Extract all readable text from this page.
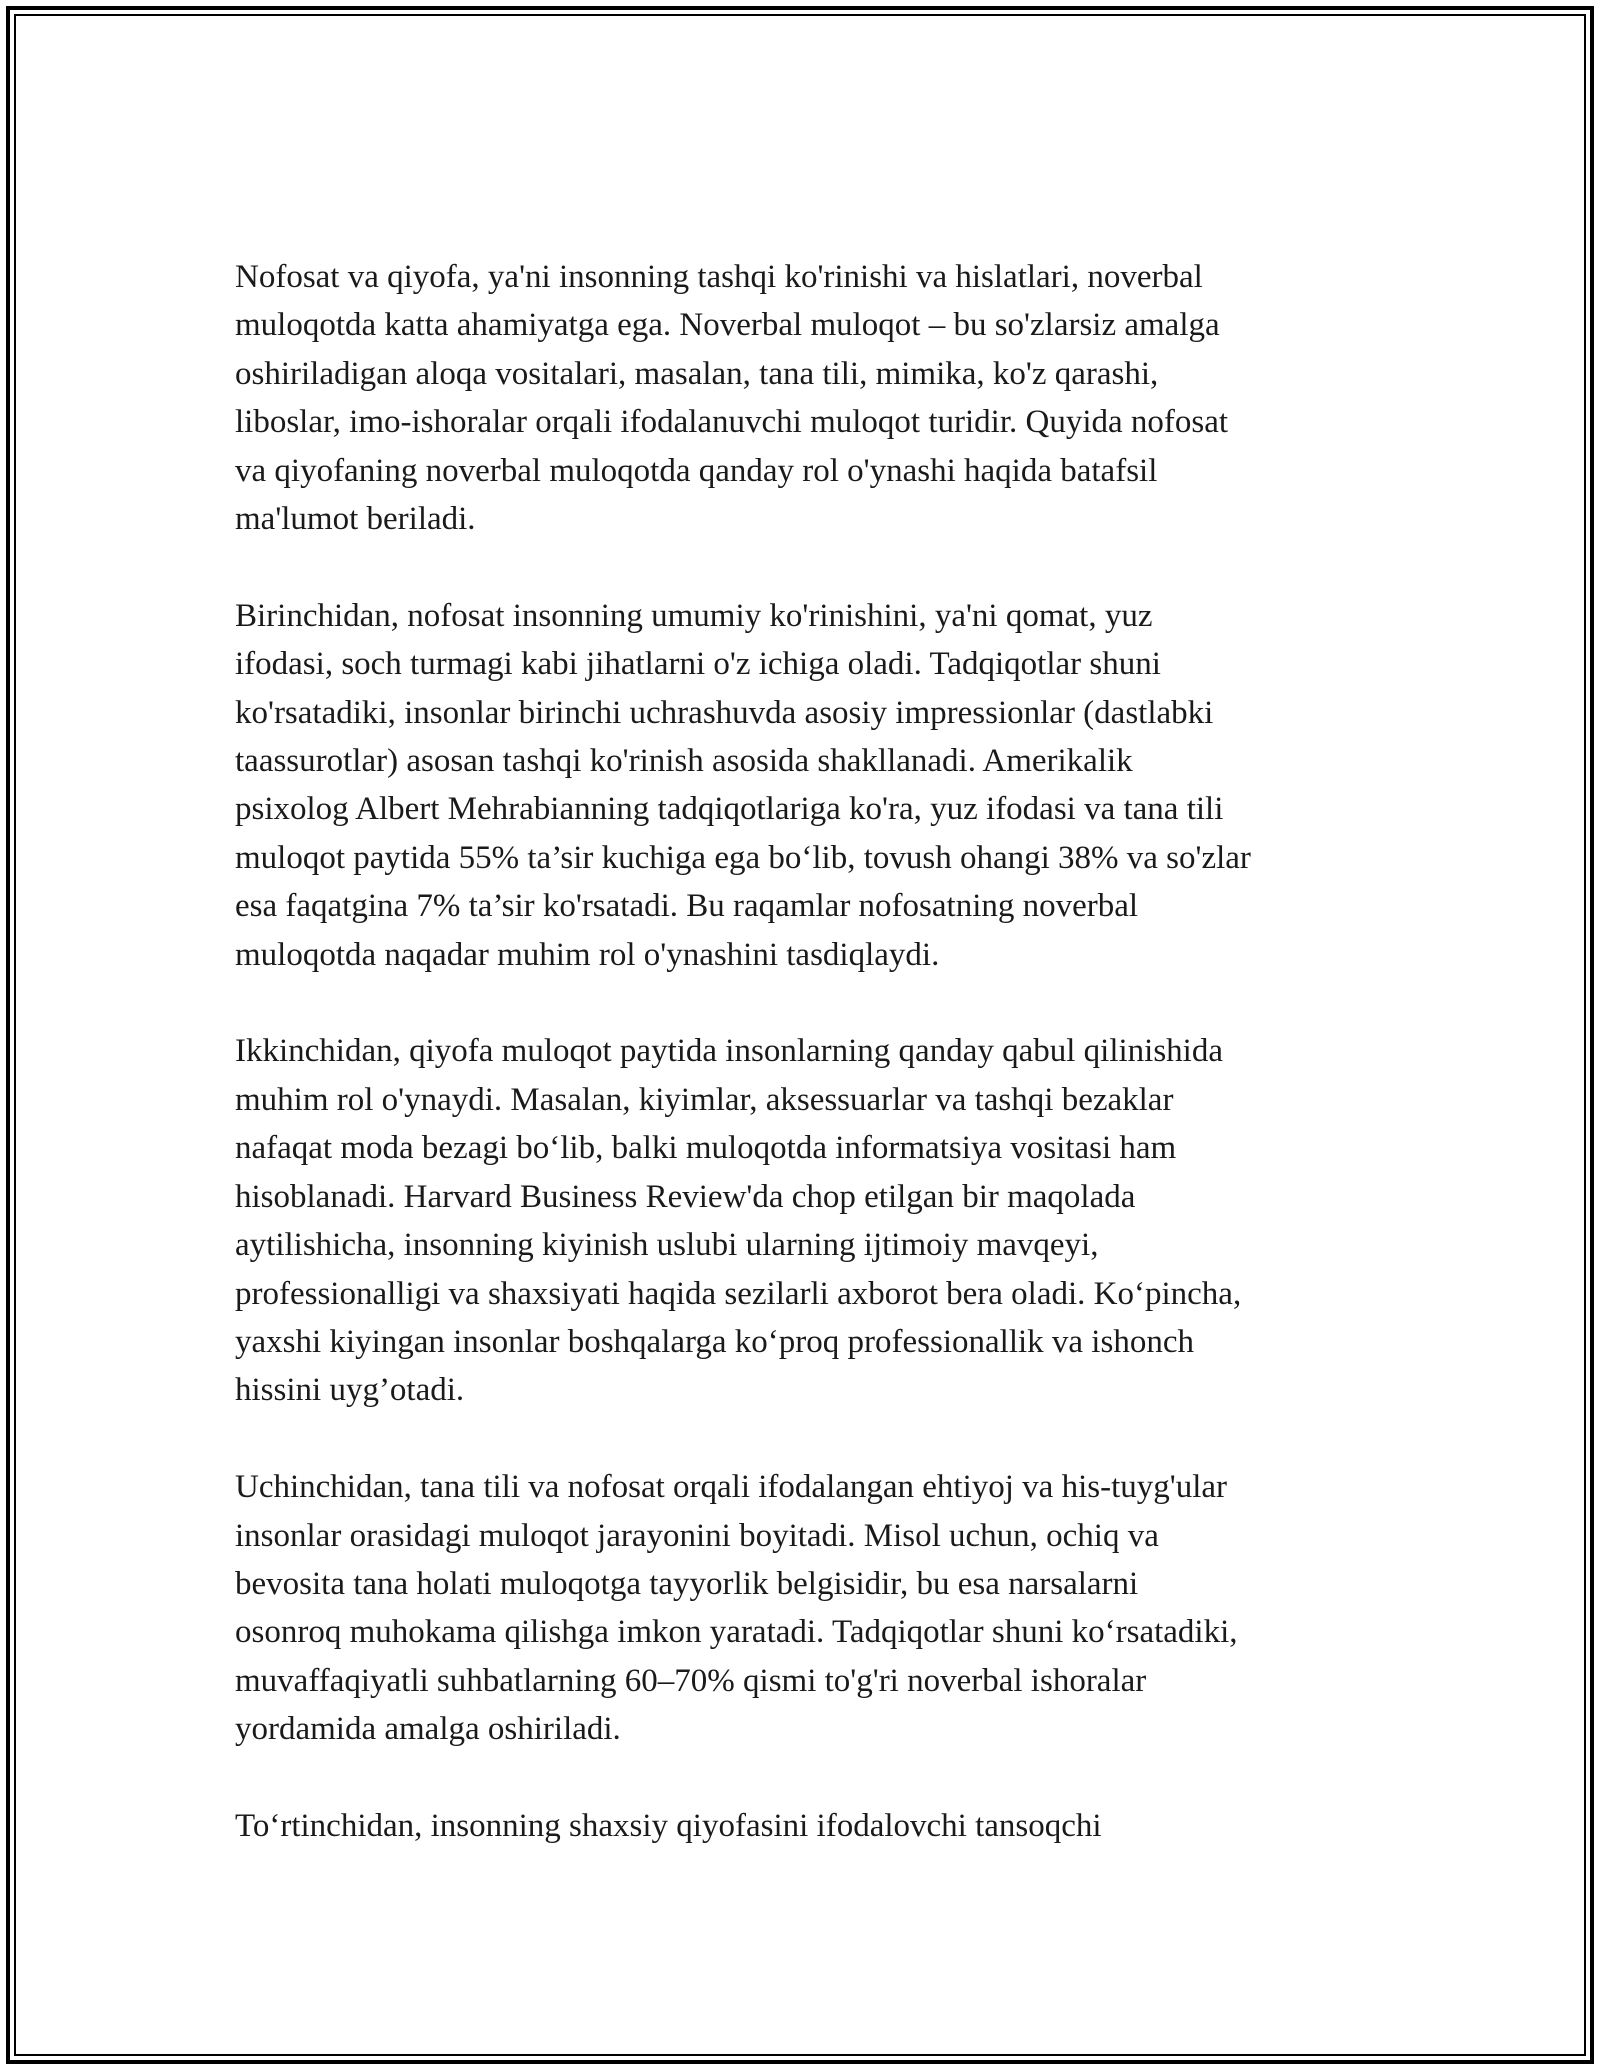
Nofosat va qiyofa, ya'ni insonning tashqi ko'rinishi va hislatlari, noverbal
muloqotda katta ahamiyatga ega. Noverbal muloqot – bu so'zlarsiz amalga
oshiriladigan aloqa vositalari, masalan, tana tili, mimika, ko'z qarashi,
liboslar, imo-ishoralar orqali ifodalanuvchi muloqot turidir. Quyida nofosat
va qiyofaning noverbal muloqotda qanday rol o'ynashi haqida batafsil
ma'lumot beriladi.

Birinchidan, nofosat insonning umumiy ko'rinishini, ya'ni qomat, yuz
ifodasi, soch turmagi kabi jihatlarni o'z ichiga oladi. Tadqiqotlar shuni
ko'rsatadiki, insonlar birinchi uchrashuvda asosiy impressionlar (dastlabki
taassurotlar) asosan tashqi ko'rinish asosida shakllanadi. Amerikalik
psixolog Albert Mehrabianning tadqiqotlariga ko'ra, yuz ifodasi va tana tili
muloqot paytida 55% ta’sir kuchiga ega bo‘lib, tovush ohangi 38% va so'zlar
esa faqatgina 7% ta’sir ko'rsatadi. Bu raqamlar nofosatning noverbal
muloqotda naqadar muhim rol o'ynashini tasdiqlaydi.

Ikkinchidan, qiyofa muloqot paytida insonlarning qanday qabul qilinishida
muhim rol o'ynaydi. Masalan, kiyimlar, aksessuarlar va tashqi bezaklar
nafaqat moda bezagi bo‘lib, balki muloqotda informatsiya vositasi ham
hisoblanadi. Harvard Business Review'da chop etilgan bir maqolada
aytilishicha, insonning kiyinish uslubi ularning ijtimoiy mavqeyi,
professionalligi va shaxsiyati haqida sezilarli axborot bera oladi. Ko‘pincha,
yaxshi kiyingan insonlar boshqalarga ko‘proq professionallik va ishonch
hissini uyg’otadi.

Uchinchidan, tana tili va nofosat orqali ifodalangan ehtiyoj va his-tuyg'ular
insonlar orasidagi muloqot jarayonini boyitadi. Misol uchun, ochiq va
bevosita tana holati muloqotga tayyorlik belgisidir, bu esa narsalarni
osonroq muhokama qilishga imkon yaratadi. Tadqiqotlar shuni ko‘rsatadiki,
muvaffaqiyatli suhbatlarning 60–70% qismi to'g'ri noverbal ishoralar
yordamida amalga oshiriladi.

To‘rtinchidan, insonning shaxsiy qiyofasini ifodalovchi tansoqchi
